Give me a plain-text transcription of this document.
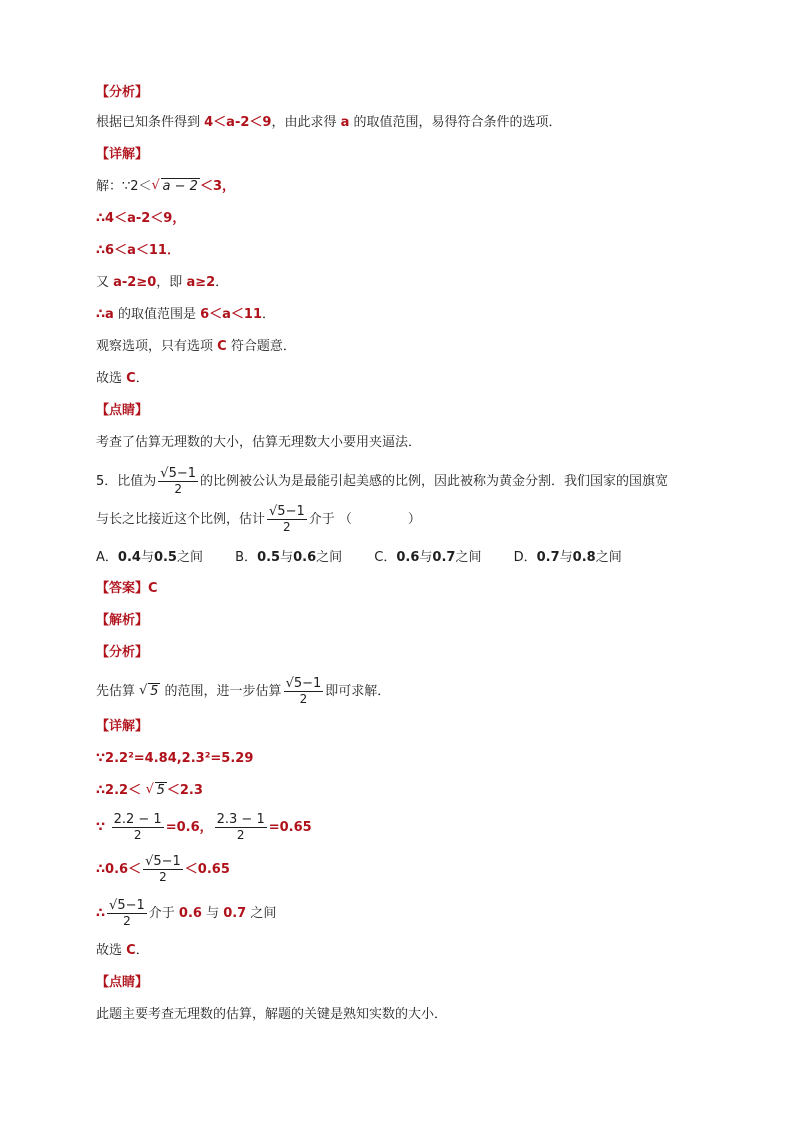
【分析】
根据已知条件得到 4＜a-2＜9，由此求得 a 的取值范围，易得符合条件的选项．
【详解】
解：∵2＜ √ a − 2 ＜3，
∴4＜a-2＜9，
∴6＜a＜11．
又 a-2≥0，即 a≥2．
∴a 的取值范围是 6＜a＜11．
观察选项，只有选项 C 符合题意．
故选 C．
【点睛】
考查了估算无理数的大小，估算无理数大小要用夹逼法．
5．比值为 $\frac{√5-1}{2}$ 的比例被公认为是最能引起美感的比例，因此被称为黄金分割．我们国家的国旗宽
与长之比接近这个比例，估计 $\frac{√5-1}{2}$ 介于 （	）
A．0.4与0.5之间 B．0.5与0.6之间 C．0.6与0.7之间 D．0.7与0.8之间
【答案】C
【解析】
【分析】
先估算 √ 5 的范围，进一步估算 $\frac{√5-1}{2}$ 即可求解．
【详解】
∵2.2²=4.84,2.3²=5.29
∴2.2＜ √ 5 ＜2.3
∵ $\frac{2.2 - 1}{2} =0.6$， $\frac{2.3 - 1}{2} =0.65$
∴0.6＜ $\frac{√5-1}{2} <0.65$
∴ $\frac{√5-1}{2}$ 介于 0.6 与 0.7 之间
故选 C．
【点睛】
此题主要考查无理数的估算，解题的关键是熟知实数的大小．
